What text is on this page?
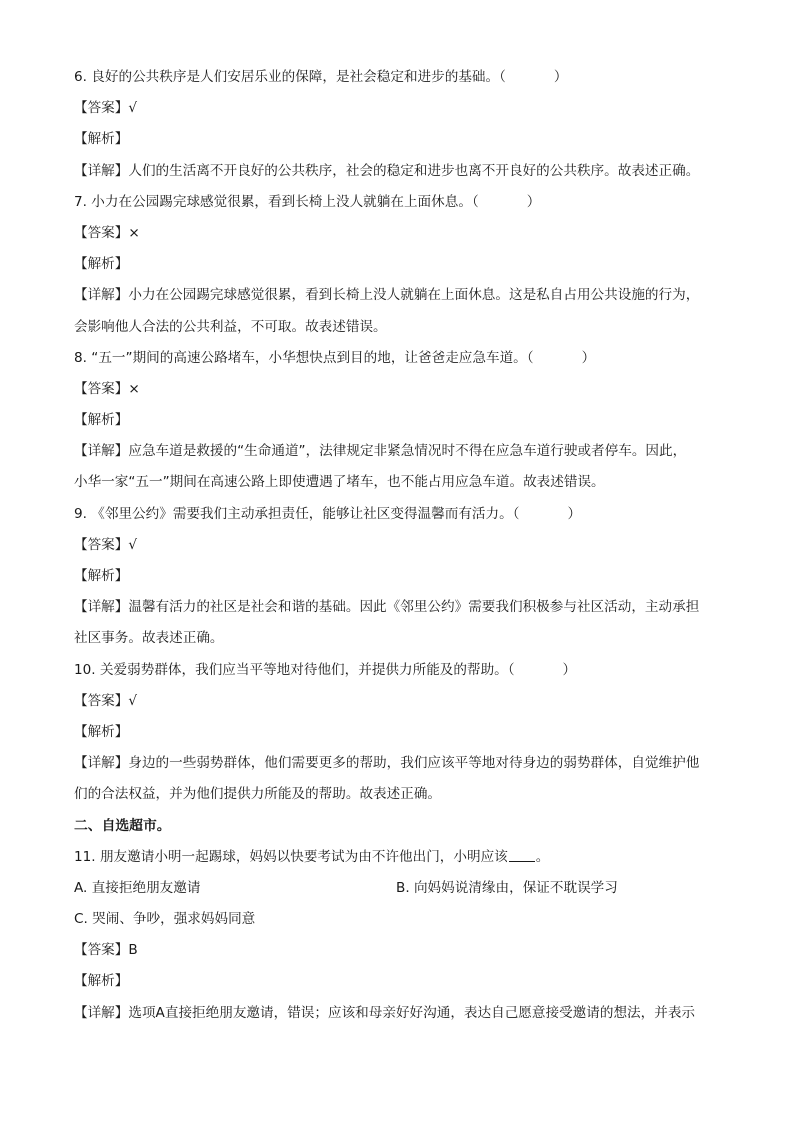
6. 良好的公共秩序是人们安居乐业的保障，是社会稳定和进步的基础。（	）
【答案】√
【解析】
【详解】人们的生活离不开良好的公共秩序，社会的稳定和进步也离不开良好的公共秩序。故表述正确。
7. 小力在公园踢完球感觉很累，看到长椅上没人就躺在上面休息。（	）
【答案】×
【解析】
【详解】小力在公园踢完球感觉很累，看到长椅上没人就躺在上面休息。这是私自占用公共设施的行为，
会影响他人合法的公共利益，不可取。故表述错误。
8. “五一”期间的高速公路堵车，小华想快点到目的地，让爸爸走应急车道。（	）
【答案】×
【解析】
【详解】应急车道是救援的“生命通道”，法律规定非紧急情况时不得在应急车道行驶或者停车。因此，
小华一家“五一”期间在高速公路上即使遭遇了堵车，也不能占用应急车道。故表述错误。
9. 《邻里公约》需要我们主动承担责任，能够让社区变得温馨而有活力。（	）
【答案】√
【解析】
【详解】温馨有活力的社区是社会和谐的基础。因此《邻里公约》需要我们积极参与社区活动，主动承担
社区事务。故表述正确。
10. 关爱弱势群体，我们应当平等地对待他们，并提供力所能及的帮助。（	）
【答案】√
【解析】
【详解】身边的一些弱势群体，他们需要更多的帮助，我们应该平等地对待身边的弱势群体，自觉维护他
们的合法权益，并为他们提供力所能及的帮助。故表述正确。
二、自选超市。
11. 朋友邀请小明一起踢球，妈妈以快要考试为由不许他出门，小明应该 。
A. 直接拒绝朋友邀请	B. 向妈妈说清缘由，保证不耽误学习
C. 哭闹、争吵，强求妈妈同意
【答案】B
【解析】
【详解】选项A直接拒绝朋友邀请，错误；应该和母亲好好沟通，表达自己愿意接受邀请的想法，并表示
